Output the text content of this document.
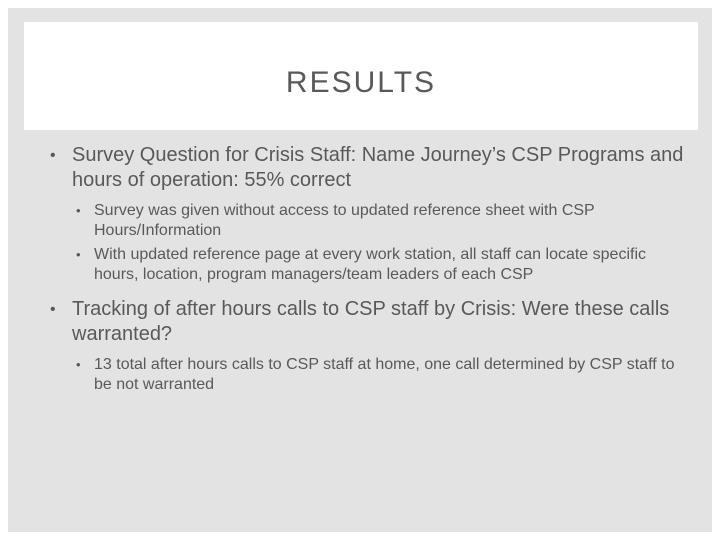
RESULTS

• Survey Question for Crisis Staff: Name Journey’s CSP Programs and hours of operation: 55% correct

• Survey was given without access to updated reference sheet with CSP Hours/Information

• With updated reference page at every work station, all staff can locate specific hours, location, program managers/team leaders of each CSP

• Tracking of after hours calls to CSP staff by Crisis: Were these calls warranted?

• 13 total after hours calls to CSP staff at home, one call determined by CSP staff to be not warranted
